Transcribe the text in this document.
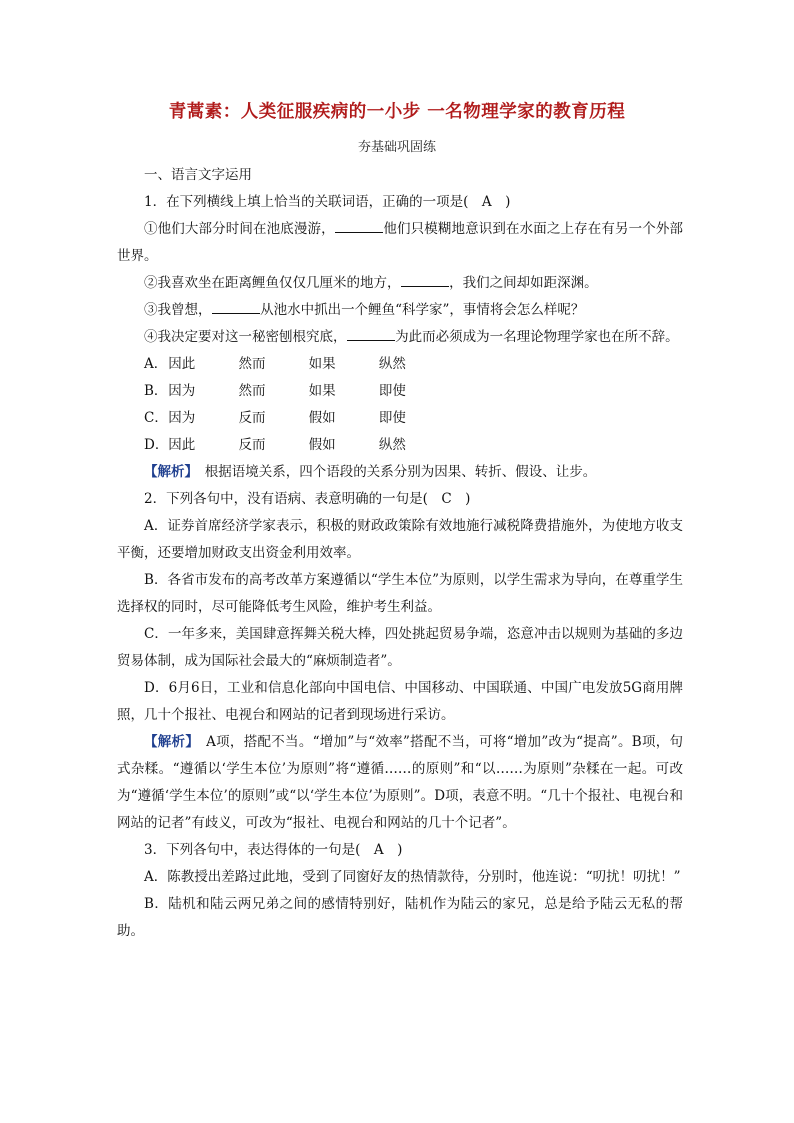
青蒿素：人类征服疾病的一小步 一名物理学家的教育历程
夯基础巩固练

一、语言文字运用

1．在下列横线上填上恰当的关联词语，正确的一项是(　A　)

①他们大部分时间在池底漫游，	他们只模糊地意识到在水面之上存在有另一个外部世界。

②我喜欢坐在距离鲤鱼仅仅几厘米的地方，	，我们之间却如距深渊。

③我曾想，	从池水中抓出一个鲤鱼“科学家”，事情将会怎么样呢？

④我决定要对这一秘密刨根究底，	为此而必须成为一名理论物理学家也在所不辞。

A．因此	然而	如果	纵然

B．因为	然而	如果	即使

C．因为	反而	假如	即使

D．因此	反而	假如	纵然

【解析】　根据语境关系，四个语段的关系分别为因果、转折、假设、让步。

2．下列各句中，没有语病、表意明确的一句是(　C　)

A．证券首席经济学家表示，积极的财政政策除有效地施行减税降费措施外，为使地方收支平衡，还要增加财政支出资金利用效率。

B．各省市发布的高考改革方案遵循以“学生本位”为原则，以学生需求为导向，在尊重学生选择权的同时，尽可能降低考生风险，维护考生利益。

C．一年多来，美国肆意挥舞关税大棒，四处挑起贸易争端，恣意冲击以规则为基础的多边贸易体制，成为国际社会最大的“麻烦制造者”。

D．6月6日，工业和信息化部向中国电信、中国移动、中国联通、中国广电发放5G商用牌照，几十个报社、电视台和网站的记者到现场进行采访。

【解析】　A项，搭配不当。“增加”与“效率”搭配不当，可将“增加”改为“提高”。B项，句式杂糅。“遵循以‘学生本位’为原则”将“遵循……的原则”和“以……为原则”杂糅在一起。可改为“遵循‘学生本位’的原则”或“以‘学生本位’为原则”。D项，表意不明。“几十个报社、电视台和网站的记者”有歧义，可改为“报社、电视台和网站的几十个记者”。

3．下列各句中，表达得体的一句是(　A　)

A．陈教授出差路过此地，受到了同窗好友的热情款待，分别时，他连说：“叨扰！叨扰！”

B．陆机和陆云两兄弟之间的感情特别好，陆机作为陆云的家兄，总是给予陆云无私的帮助。
